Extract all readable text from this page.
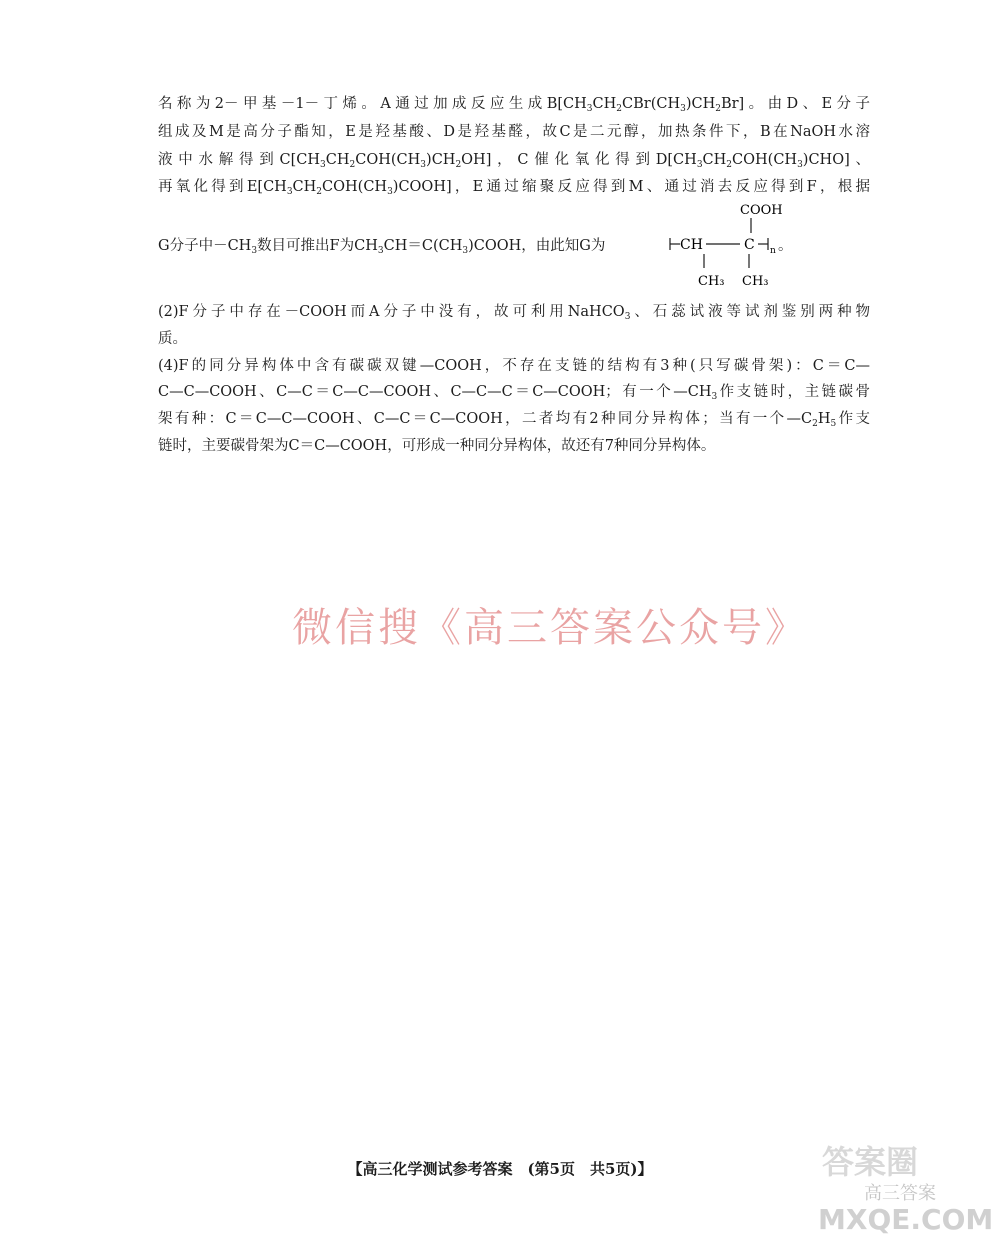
名称为2－甲基－1－丁烯。A通过加成反应生成$B[CH_3CH_2CBr(CH_3)CH_2Br]$。由D、E分子
组成及M是高分子酯知，E是羟基酸、D是羟基醛，故C是二元醇，加热条件下，B在NaOH水溶
液中水解得到$C[CH_3CH_2COH(CH_3)CH_2OH]$，C催化氧化得到$D[CH_3CH_2COH(CH_3)CHO]$、
再氧化得到$E[CH_3CH_2COH(CH_3)COOH]$，E通过缩聚反应得到M、通过消去反应得到F，根据
G分子中$-CH_3$数目可推出F为$CH_3CH=C(CH_3)COOH$，由此知G为
COOH
CH	C n
CH₃ CH₃
。
(2)F分子中存在－COOH而A分子中没有，故可利用NaHCO$_3$、石蕊试液等试剂鉴别两种物
质。
(4)F的同分异构体中含有碳碳双键—COOH，不存在支链的结构有3种(只写碳骨架)：C＝C—
C—C—COOH、C—C＝C—C—COOH、C—C—C＝C—COOH；有一个$—CH_3$作支链时，主链碳骨
架有种：C＝C—C—COOH、C—C＝C—COOH，二者均有2种同分异构体；当有一个$—C_2H_5$作支
链时，主要碳骨架为C＝C—COOH，可形成一种同分异构体，故还有7种同分异构体。
微信搜《高三答案公众号》
【高三化学测试参考答案　(第5页　共5页)】	答案圈
高三答案
MXQE.COM
